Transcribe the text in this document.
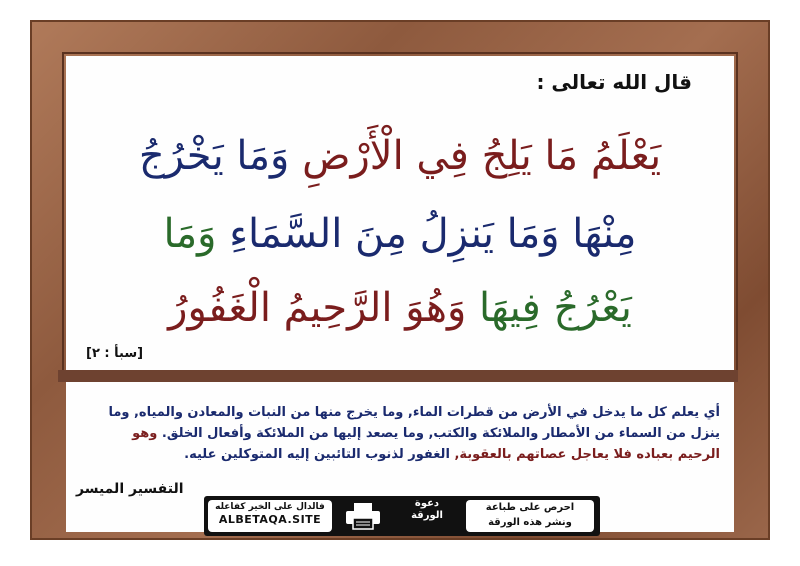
قال الله تعالى :
يَعْلَمُ مَا يَلِجُ فِي الْأَرْضِ وَمَا يَخْرُجُ
مِنْهَا وَمَا يَنزِلُ مِنَ السَّمَاءِ وَمَا
يَعْرُجُ فِيهَا وَهُوَ الرَّحِيمُ الْغَفُورُ
[سبأ : ٢]
أي يعلم كل ما يدخل في الأرض من قطرات الماء, وما يخرج منها من النبات والمعادن والمياه, وما ينزل من السماء من الأمطار والملائكة والكتب, وما يصعد إليها من الملائكة وأفعال الخلق. وهو الرحيم بعباده فلا يعاجل عصاتهم بالعقوبة, الغفور لذنوب التائبين إليه المتوكلين عليه.
التفسير الميسر
فالدال على الخير كفاعله
ALBETAQA.SITE
دعوة الورقة
احرص على طباعة
ونشر هذه الورقة
